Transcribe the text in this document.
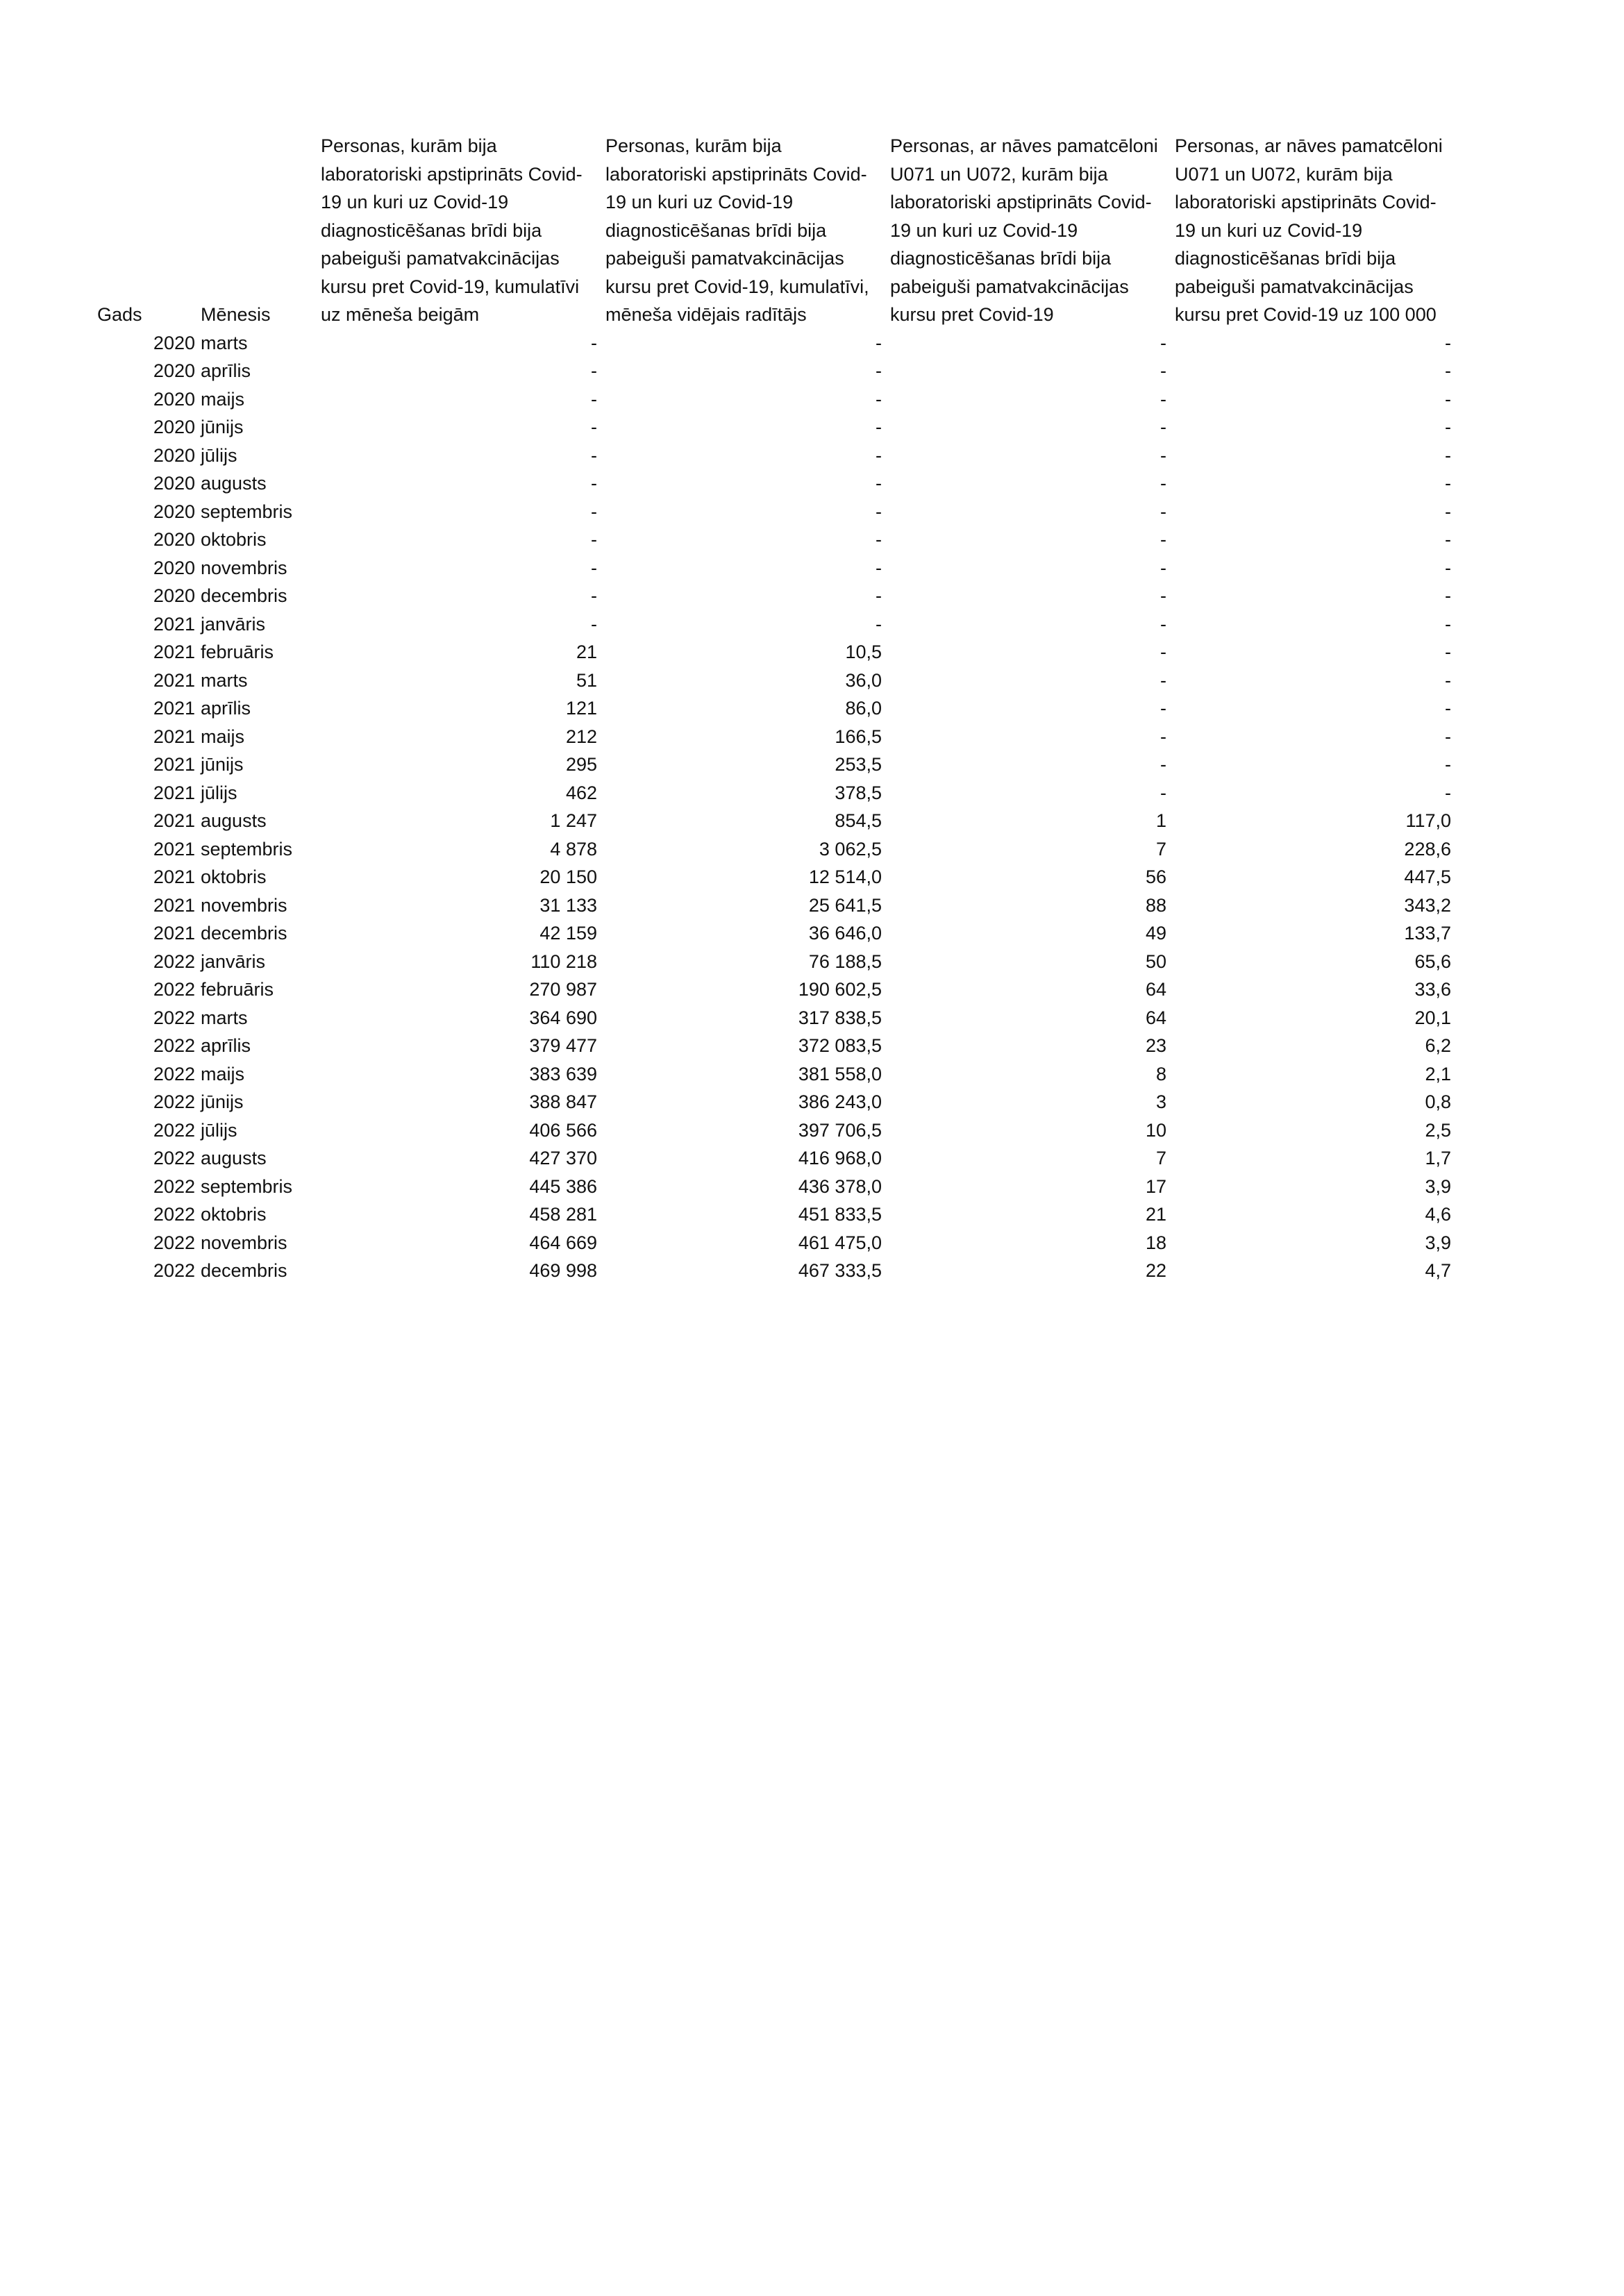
Gads	Mēnesis	Personas, kurām bija laboratoriski apstiprināts Covid-19 un kuri uz Covid-19 diagnosticēšanas brīdi bija pabeiguši pamatvakcinācijas kursu pret Covid-19, kumulatīvi uz mēneša beigām	Personas, kurām bija laboratoriski apstiprināts Covid-19 un kuri uz Covid-19 diagnosticēšanas brīdi bija pabeiguši pamatvakcinācijas kursu pret Covid-19, kumulatīvi, mēneša vidējais radītājs	Personas, ar nāves pamatcēloni U071 un U072, kurām bija laboratoriski apstiprināts Covid-19 un kuri uz Covid-19 diagnosticēšanas brīdi bija pabeiguši pamatvakcinācijas kursu pret Covid-19	Personas, ar nāves pamatcēloni U071 un U072, kurām bija laboratoriski apstiprināts Covid-19 un kuri uz Covid-19 diagnosticēšanas brīdi bija pabeiguši pamatvakcinācijas kursu pret Covid-19 uz 100 000
2020	marts	-	-	-	-
2020	aprīlis	-	-	-	-
2020	maijs	-	-	-	-
2020	jūnijs	-	-	-	-
2020	jūlijs	-	-	-	-
2020	augusts	-	-	-	-
2020	septembris	-	-	-	-
2020	oktobris	-	-	-	-
2020	novembris	-	-	-	-
2020	decembris	-	-	-	-
2021	janvāris	-	-	-	-
2021	februāris	21	10,5	-	-
2021	marts	51	36,0	-	-
2021	aprīlis	121	86,0	-	-
2021	maijs	212	166,5	-	-
2021	jūnijs	295	253,5	-	-
2021	jūlijs	462	378,5	-	-
2021	augusts	1 247	854,5	1	117,0
2021	septembris	4 878	3 062,5	7	228,6
2021	oktobris	20 150	12 514,0	56	447,5
2021	novembris	31 133	25 641,5	88	343,2
2021	decembris	42 159	36 646,0	49	133,7
2022	janvāris	110 218	76 188,5	50	65,6
2022	februāris	270 987	190 602,5	64	33,6
2022	marts	364 690	317 838,5	64	20,1
2022	aprīlis	379 477	372 083,5	23	6,2
2022	maijs	383 639	381 558,0	8	2,1
2022	jūnijs	388 847	386 243,0	3	0,8
2022	jūlijs	406 566	397 706,5	10	2,5
2022	augusts	427 370	416 968,0	7	1,7
2022	septembris	445 386	436 378,0	17	3,9
2022	oktobris	458 281	451 833,5	21	4,6
2022	novembris	464 669	461 475,0	18	3,9
2022	decembris	469 998	467 333,5	22	4,7
